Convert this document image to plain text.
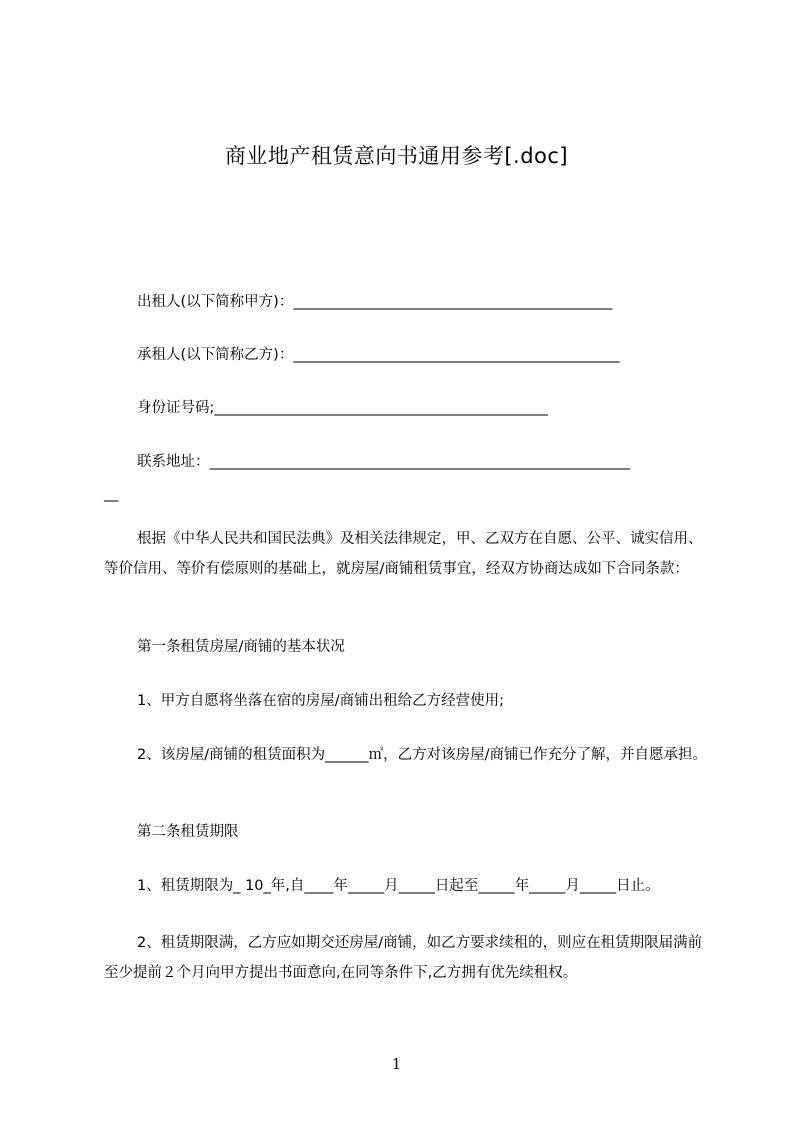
商业地产租赁意向书通用参考[.doc]
出租人(以下简称甲方)：____________________________________________
承租人(以下简称乙方)：_____________________________________________
身份证号码;______________________________________________
联系地址：__________________________________________________________
__
根据《中华人民共和国民法典》及相关法律规定，甲、乙双方在自愿、公平、诚实信用、等价信用、等价有偿原则的基础上，就房屋/商铺租赁事宜，经双方协商达成如下合同条款：
第一条租赁房屋/商铺的基本状况
1、甲方自愿将坐落在宿的房屋/商铺出租给乙方经营使用;
2、该房屋/商铺的租赁面积为______㎡，乙方对该房屋/商铺已作充分了解，并自愿承担。
第二条租赁期限
1、租赁期限为_ 10_年,自____年_____月_____日起至_____年_____月_____日止。
2、租赁期限满，乙方应如期交还房屋/商铺，如乙方要求续租的，则应在租赁期限届满前至少提前２个月向甲方提出书面意向,在同等条件下,乙方拥有优先续租权。
1
